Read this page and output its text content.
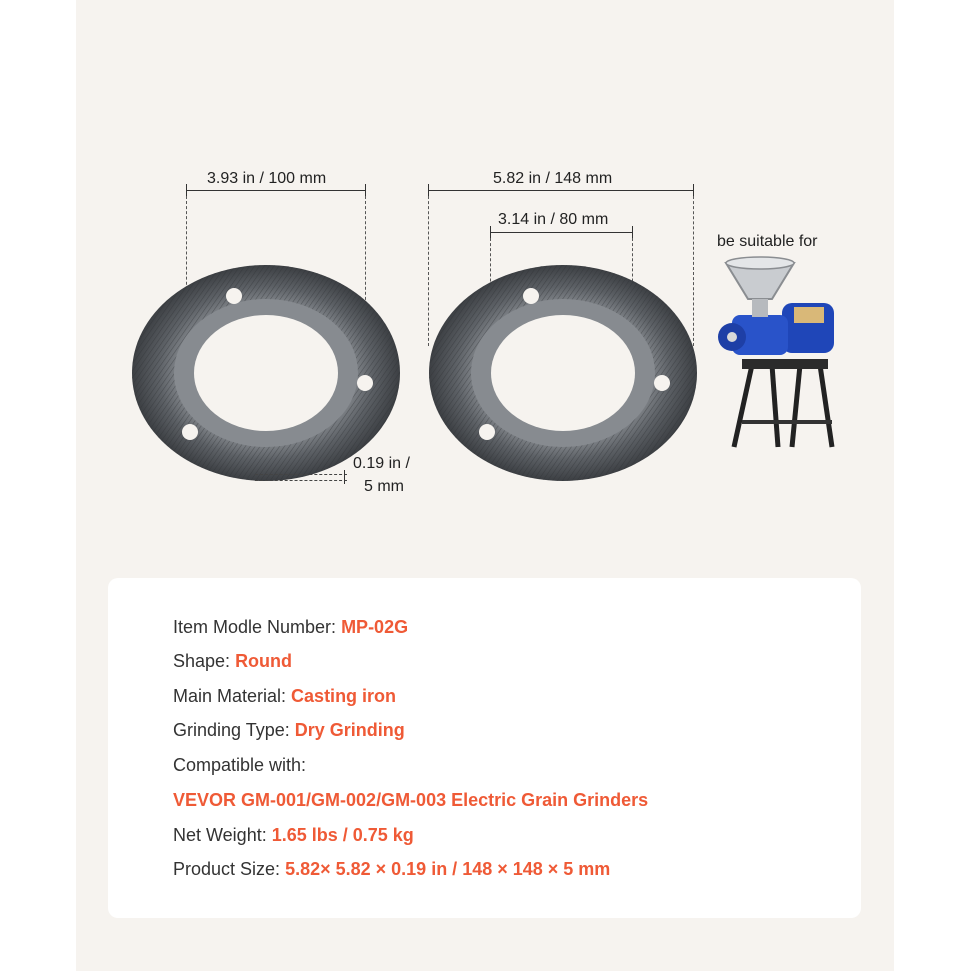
3.93 in / 100 mm	5.82 in / 148 mm
3.14 in / 80 mm
0.19 in /
5 mm
be suitable for
Item Modle Number: MP-02G
Shape: Round
Main Material: Casting iron
Grinding Type: Dry Grinding
Compatible with:
VEVOR GM-001/GM-002/GM-003 Electric Grain Grinders
Net Weight: 1.65 lbs / 0.75 kg
Product Size: 5.82× 5.82 × 0.19 in / 148 × 148 × 5 mm
